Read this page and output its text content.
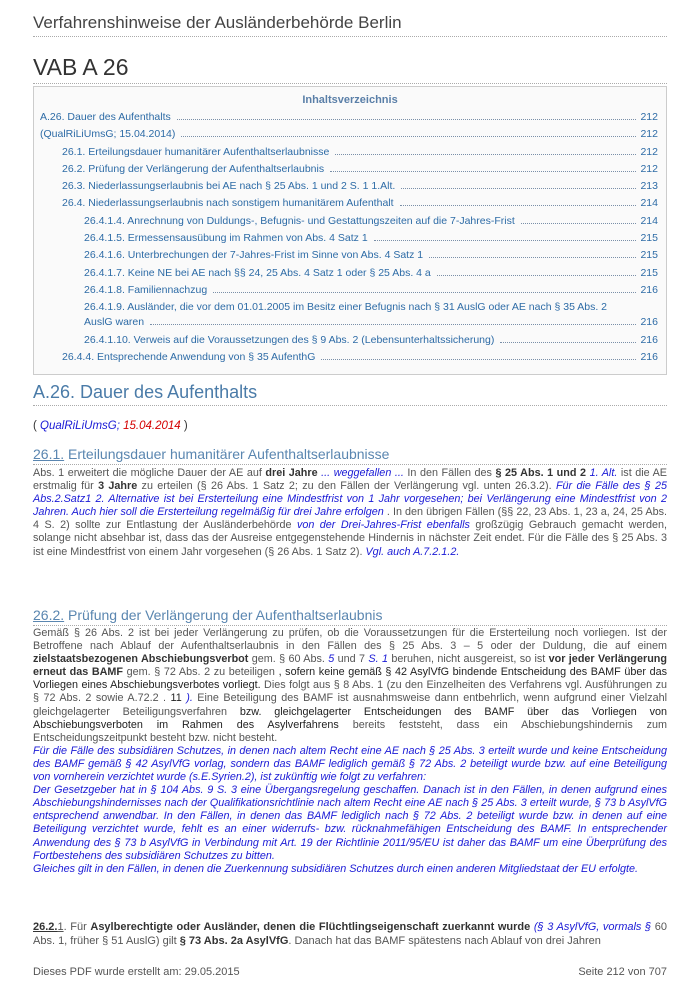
Verfahrenshinweise der Ausländerbehörde Berlin
VAB A 26
Inhaltsverzeichnis
A.26. Dauer des Aufenthalts	212
(QualRiLiUmsG; 15.04.2014)	212
26.1. Erteilungsdauer humanitärer Aufenthaltserlaubnisse	212
26.2. Prüfung der Verlängerung der Aufenthaltserlaubnis	212
26.3. Niederlassungserlaubnis bei AE nach § 25 Abs. 1 und 2 S. 1 1.Alt.	213
26.4. Niederlassungserlaubnis nach sonstigem humanitärem Aufenthalt	214
26.4.1.4. Anrechnung von Duldungs-, Befugnis- und Gestattungszeiten auf die 7-Jahres-Frist	214
26.4.1.5. Ermessensausübung im Rahmen von Abs. 4 Satz 1	215
26.4.1.6. Unterbrechungen der 7-Jahres-Frist im Sinne von Abs. 4 Satz 1	215
26.4.1.7. Keine NE bei AE nach §§ 24, 25 Abs. 4 Satz 1 oder § 25 Abs. 4 a	215
26.4.1.8. Familiennachzug	216
26.4.1.9. Ausländer, die vor dem 01.01.2005 im Besitz einer Befugnis nach § 31 AuslG oder AE nach § 35 Abs. 2
AuslG waren	216
26.4.1.10. Verweis auf die Voraussetzungen des § 9 Abs. 2 (Lebensunterhaltssicherung)	216
26.4.4. Entsprechende Anwendung von § 35 AufenthG	216
A.26. Dauer des Aufenthalts
( QualRiLiUmsG; 15.04.2014 )
26.1. Erteilungsdauer humanitärer Aufenthaltserlaubnisse
Abs. 1 erweitert die mögliche Dauer der AE auf drei Jahre ... weggefallen ... In den Fällen des § 25 Abs. 1 und 2 1. Alt. ist die AE erstmalig für 3 Jahre zu erteilen (§ 26 Abs. 1 Satz 2; zu den Fällen der Verlängerung vgl. unten 26.3.2). Für die Fälle des § 25 Abs.2.Satz1 2. Alternative ist bei Ersterteilung eine Mindestfrist von 1 Jahr vorgesehen; bei Verlängerung eine Mindestfrist von 2 Jahren. Auch hier soll die Ersterteilung regelmäßig für drei Jahre erfolgen . In den übrigen Fällen (§§ 22, 23 Abs. 1, 23 a, 24, 25 Abs. 4 S. 2) sollte zur Entlastung der Ausländerbehörde von der Drei-Jahres-Frist ebenfalls großzügig Gebrauch gemacht werden, solange nicht absehbar ist, dass das der Ausreise entgegenstehende Hindernis in nächster Zeit endet. Für die Fälle des § 25 Abs. 3 ist eine Mindestfrist von einem Jahr vorgesehen (§ 26 Abs. 1 Satz 2). Vgl. auch A.7.2.1.2.
26.2. Prüfung der Verlängerung der Aufenthaltserlaubnis
Gemäß § 26 Abs. 2 ist bei jeder Verlängerung zu prüfen, ob die Voraussetzungen für die Ersterteilung noch vorliegen. Ist der Betroffene nach Ablauf der Aufenthaltserlaubnis in den Fällen des § 25 Abs. 3 – 5 oder der Duldung, die auf einem zielstaatsbezogenen Abschiebungsverbot gem. § 60 Abs. 5 und 7 S. 1 beruhen, nicht ausgereist, so ist vor jeder Verlängerung erneut das BAMF gem. § 72 Abs. 2 zu beteiligen , sofern keine gemäß § 42 AsylVfG bindende Entscheidung des BAMF über das Vorliegen eines Abschiebungsverbotes vorliegt. Dies folgt aus § 8 Abs. 1 (zu den Einzelheiten des Verfahrens vgl. Ausführungen zu § 72 Abs. 2 sowie A.72.2 . 11 ). Eine Beteiligung des BAMF ist ausnahmsweise dann entbehrlich, wenn aufgrund einer Vielzahl gleichgelagerter Beteiligungsverfahren bzw. gleichgelagerter Entscheidungen des BAMF über das Vorliegen von Abschiebungsverboten im Rahmen des Asylverfahrens bereits feststeht, dass ein Abschiebungshindernis zum Entscheidungszeitpunkt besteht bzw. nicht besteht.
Für die Fälle des subsidiären Schutzes, in denen nach altem Recht eine AE nach § 25 Abs. 3 erteilt wurde und keine Entscheidung des BAMF gemäß § 42 AsylVfG vorlag, sondern das BAMF lediglich gemäß § 72 Abs. 2 beteiligt wurde bzw. auf eine Beteiligung von vornherein verzichtet wurde (s.E.Syrien.2), ist zukünftig wie folgt zu verfahren:
Der Gesetzgeber hat in § 104 Abs. 9 S. 3 eine Übergangsregelung geschaffen. Danach ist in den Fällen, in denen aufgrund eines Abschiebungshindernisses nach der Qualifikationsrichtlinie nach altem Recht eine AE nach § 25 Abs. 3 erteilt wurde, § 73 b AsylVfG entsprechend anwendbar. In den Fällen, in denen das BAMF lediglich nach § 72 Abs. 2 beteiligt wurde bzw. in denen auf eine Beteiligung verzichtet wurde, fehlt es an einer widerrufs- bzw. rücknahmefähigen Entscheidung des BAMF. In entsprechender Anwendung des § 73 b AsylVfG in Verbindung mit Art. 19 der Richtlinie 2011/95/EU ist daher das BAMF um eine Überprüfung des Fortbestehens des subsidiären Schutzes zu bitten.
Gleiches gilt in den Fällen, in denen die Zuerkennung subsidiären Schutzes durch einen anderen Mitgliedstaat der EU erfolgte.
26.2.1. Für Asylberechtigte oder Ausländer, denen die Flüchtlingseigenschaft zuerkannt wurde (§ 3 AsylVfG, vormals § 60 Abs. 1, früher § 51 AuslG) gilt § 73 Abs. 2a AsylVfG. Danach hat das BAMF spätestens nach Ablauf von drei Jahren
Dieses PDF wurde erstellt am: 29.05.2015	Seite 212 von 707
